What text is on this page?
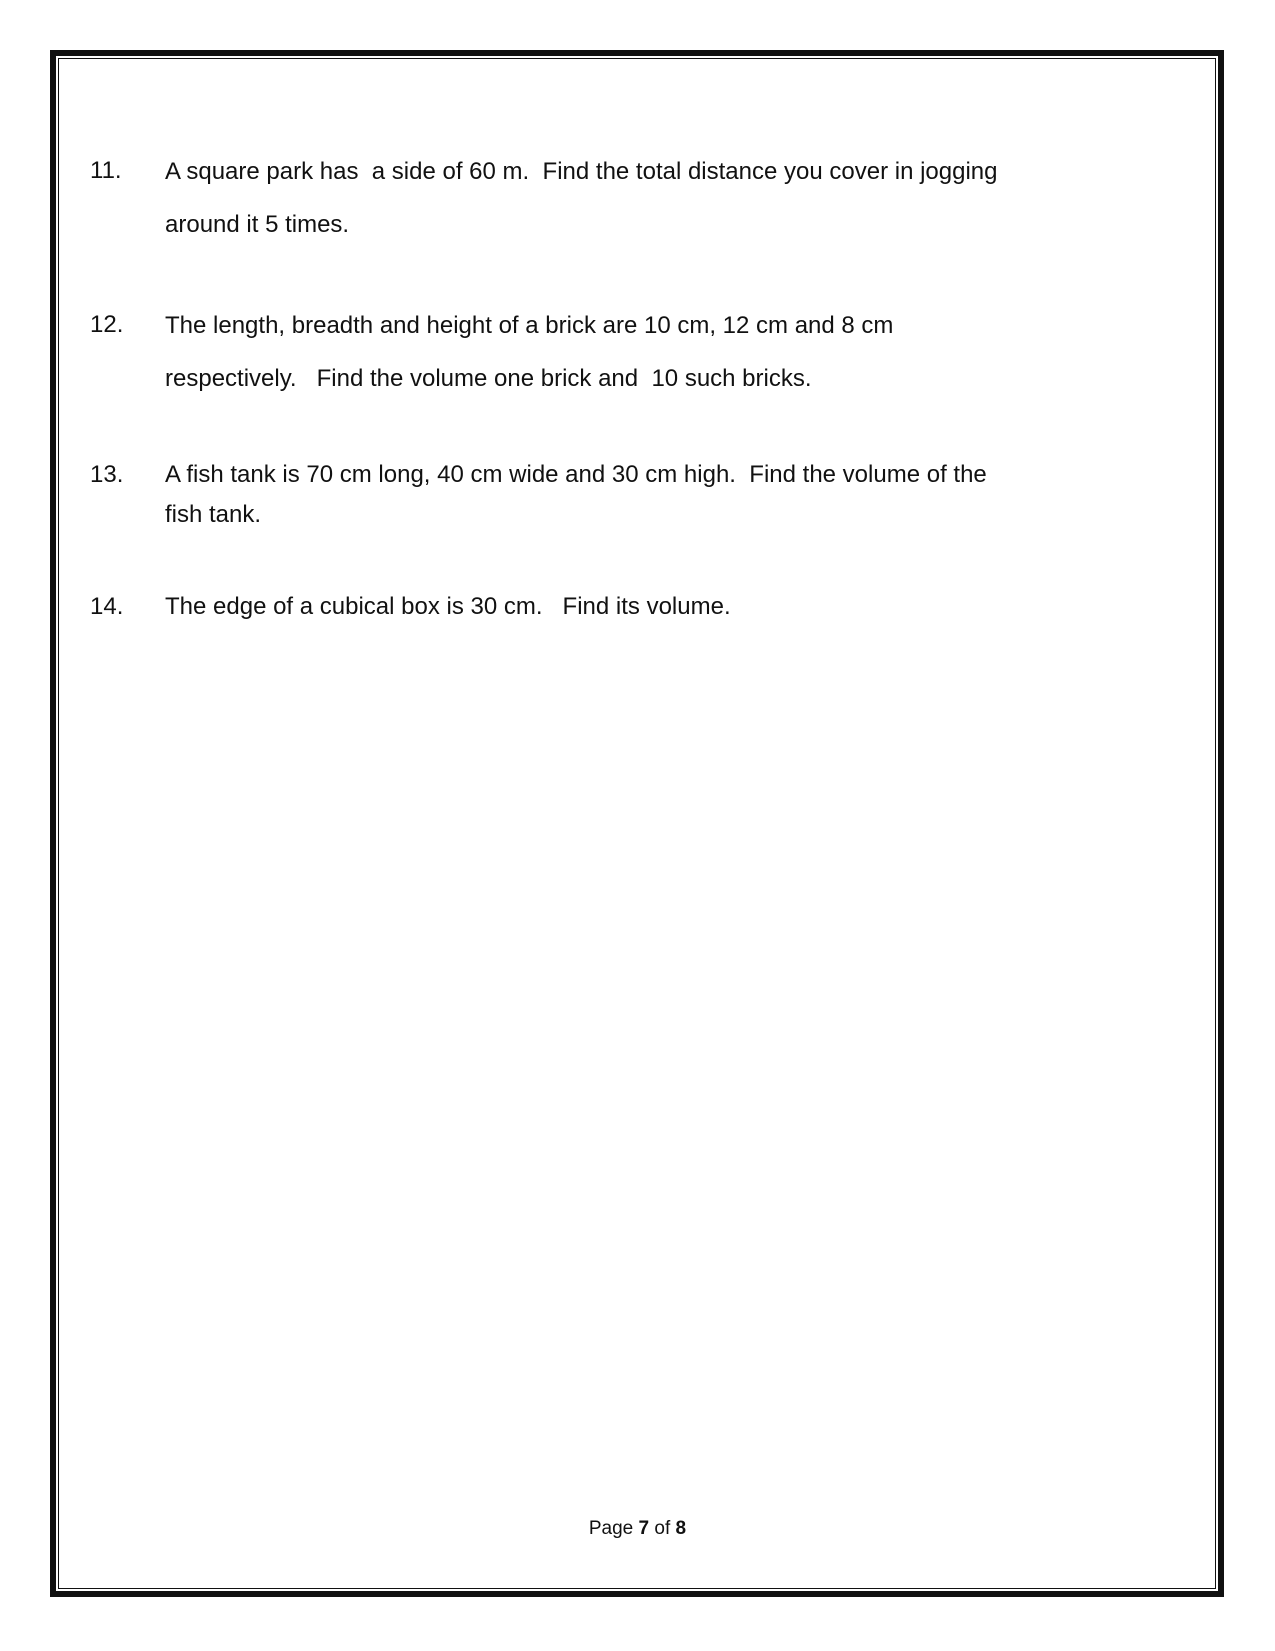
11.	A square park has  a side of 60 m.  Find the total distance you cover in jogging
around it 5 times.
12.	The length, breadth and height of a brick are 10 cm, 12 cm and 8 cm
respectively.   Find the volume one brick and  10 such bricks.
13.	A fish tank is 70 cm long, 40 cm wide and 30 cm high.  Find the volume of the
fish tank.
14.	The edge of a cubical box is 30 cm.   Find its volume.
Page 7 of 8
